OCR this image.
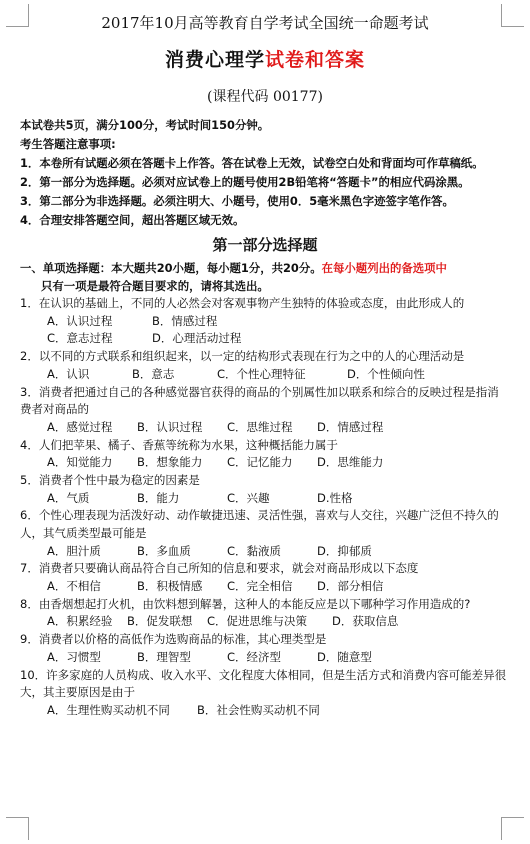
2017年10月高等教育自学考试全国统一命题考试
消费心理学试卷和答案
(课程代码 00177)
本试卷共5页，满分100分，考试时间150分钟。
考生答题注意事项:
1．本卷所有试题必须在答题卡上作答。答在试卷上无效，试卷空白处和背面均可作草稿纸。
2．第一部分为选择题。必须对应试卷上的题号使用2B铅笔将“答题卡”的相应代码涂黑。
3．第二部分为非选择题。必须注明大、小题号，使用0．5毫米黑色字迹签字笔作答。
4．合理安排答题空间，超出答题区域无效。
第一部分选择题
一、单项选择题：本大题共20小题，每小题1分，共20分。在每小题列出的备选项中
只有一项是最符合题目要求的，请将其选出。
1．在认识的基础上，不同的人必然会对客观事物产生独特的体验或态度，由此形成人的
A．认识过程	B．情感过程
C．意志过程	D．心理活动过程
2．以不同的方式联系和组织起来，以一定的结构形式表现在行为之中的人的心理活动是
A．认识	B．意志	C．个性心理特征	D．个性倾向性
3．消费者把通过自己的各种感觉器官获得的商品的个别属性加以联系和综合的反映过程是指消费者对商品的
A．感觉过程 B．认识过程 C．思维过程 D．情感过程
4．人们把苹果、橘子、香蕉等统称为水果，这种概括能力属于
A．知觉能力 B．想象能力 C．记忆能力 D．思维能力
5．消费者个性中最为稳定的因素是
A．气质	B．能力	C．兴趣	D.性格
6．个性心理表现为活泼好动、动作敏捷迅速、灵活性强，喜欢与人交往，兴趣广泛但不持久的人，其气质类型最可能是
A．胆汁质	B．多血质	C．黏液质	D．抑郁质
7．消费者只要确认商品符合自己所知的信息和要求，就会对商品形成以下态度
A．不相信	B．积极情感 C．完全相信 D．部分相信
8．由香烟想起打火机，由饮料想到解暑，这种人的本能反应是以下哪种学习作用造成的?
A．积累经验 B．促发联想 C．促进思维与决策 D．获取信息
9．消费者以价格的高低作为选购商品的标准，其心理类型是
A．习惯型	B．理智型	C．经济型	D．随意型
10．许多家庭的人员构成、收入水平、文化程度大体相同，但是生活方式和消费内容可能差异很大，其主要原因是由于
A．生理性购买动机不同 B．社会性购买动机不同
